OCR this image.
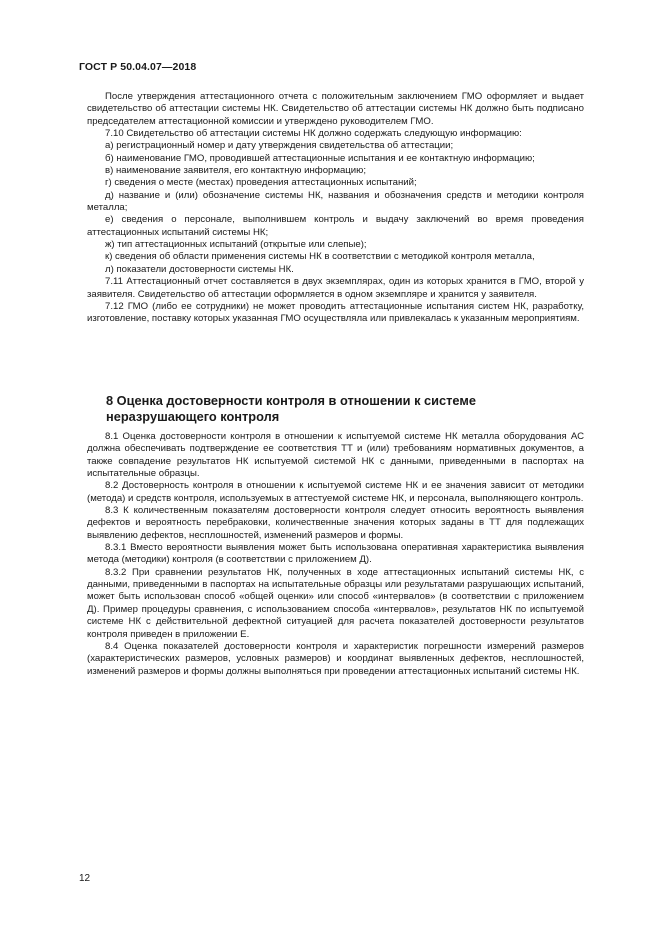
ГОСТ Р 50.04.07—2018

После утверждения аттестационного отчета с положительным заключением ГМО оформляет и выдает свидетельство об аттестации системы НК. Свидетельство об аттестации системы НК должно быть подписано председателем аттестационной комиссии и утверждено руководителем ГМО.

7.10 Свидетельство об аттестации системы НК должно содержать следующую информацию:

а) регистрационный номер и дату утверждения свидетельства об аттестации;

б) наименование ГМО, проводившей аттестационные испытания и ее контактную информацию;

в) наименование заявителя, его контактную информацию;

г) сведения о месте (местах) проведения аттестационных испытаний;

д) название и (или) обозначение системы НК, названия и обозначения средств и методики контроля металла;

е) сведения о персонале, выполнившем контроль и выдачу заключений во время проведения аттестационных испытаний системы НК;

ж) тип аттестационных испытаний (открытые или слепые);

к) сведения об области применения системы НК в соответствии с методикой контроля металла,

л) показатели достоверности системы НК.

7.11 Аттестационный отчет составляется в двух экземплярах, один из которых хранится в ГМО, второй у заявителя. Свидетельство об аттестации оформляется в одном экземпляре и хранится у заявителя.

7.12 ГМО (либо ее сотрудники) не может проводить аттестационные испытания систем НК, разработку, изготовление, поставку которых указанная ГМО осуществляла или привлекалась к указанным мероприятиям.

8 Оценка достоверности контроля в отношении к системе
неразрушающего контроля

8.1 Оценка достоверности контроля в отношении к испытуемой системе НК металла оборудования АС должна обеспечивать подтверждение ее соответствия ТТ и (или) требованиям нормативных документов, а также совпадение результатов НК испытуемой системой НК с данными, приведенными в паспортах на испытательные образцы.

8.2 Достоверность контроля в отношении к испытуемой системе НК и ее значения зависит от методики (метода) и средств контроля, используемых в аттестуемой системе НК, и персонала, выполняющего контроль.

8.3 К количественным показателям достоверности контроля следует относить вероятность выявления дефектов и вероятность перебраковки, количественные значения которых заданы в ТТ для подлежащих выявлению дефектов, несплошностей, изменений размеров и формы.

8.3.1 Вместо вероятности выявления может быть использована оперативная характеристика выявления метода (методики) контроля (в соответствии с приложением Д).

8.3.2 При сравнении результатов НК, полученных в ходе аттестационных испытаний системы НК, с данными, приведенными в паспортах на испытательные образцы или результатами разрушающих испытаний, может быть использован способ «общей оценки» или способ «интервалов» (в соответствии с приложением Д). Пример процедуры сравнения, с использованием способа «интервалов», результатов НК по испытуемой системе НК с действительной дефектной ситуацией для расчета показателей достоверности результатов контроля приведен в приложении Е.

8.4 Оценка показателей достоверности контроля и характеристик погрешности измерений размеров (характеристических размеров, условных размеров) и координат выявленных дефектов, несплошностей, изменений размеров и формы должны выполняться при проведении аттестационных испытаний системы НК.

12
